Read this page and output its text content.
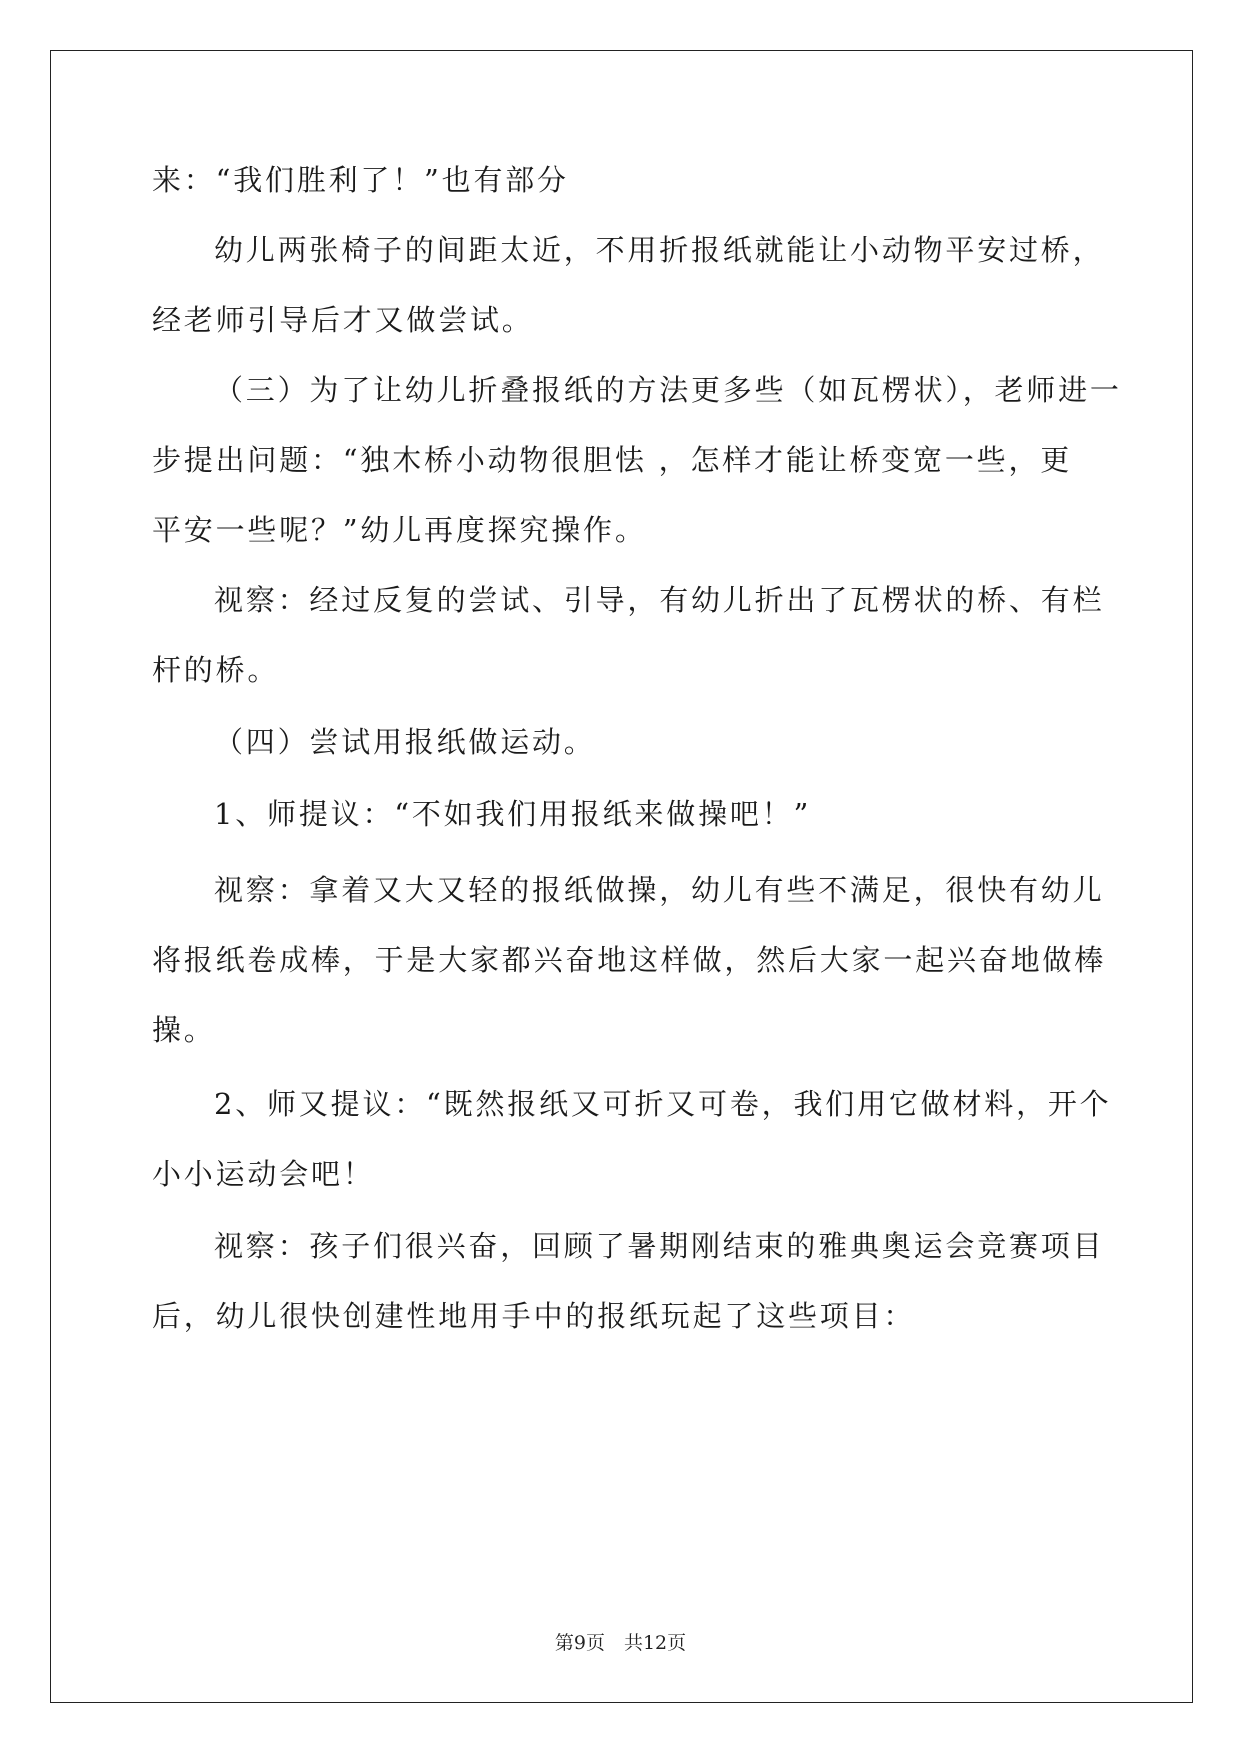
来：“我们胜利了！”也有部分
幼儿两张椅子的间距太近，不用折报纸就能让小动物平安过桥，
经老师引导后才又做尝试。
（三）为了让幼儿折叠报纸的方法更多些（如瓦楞状），老师进一
步提出问题：“独木桥小动物很胆怯 ，怎样才能让桥变宽一些，更
平安一些呢？”幼儿再度探究操作。
视察：经过反复的尝试、引导，有幼儿折出了瓦楞状的桥、有栏
杆的桥。
（四）尝试用报纸做运动。
1、师提议：“不如我们用报纸来做操吧！”
视察：拿着又大又轻的报纸做操，幼儿有些不满足，很快有幼儿
将报纸卷成棒，于是大家都兴奋地这样做，然后大家一起兴奋地做棒
操。
2、师又提议：“既然报纸又可折又可卷，我们用它做材料，开个
小小运动会吧！
视察：孩子们很兴奋，回顾了暑期刚结束的雅典奥运会竞赛项目
后，幼儿很快创建性地用手中的报纸玩起了这些项目：
第9页　共12页
